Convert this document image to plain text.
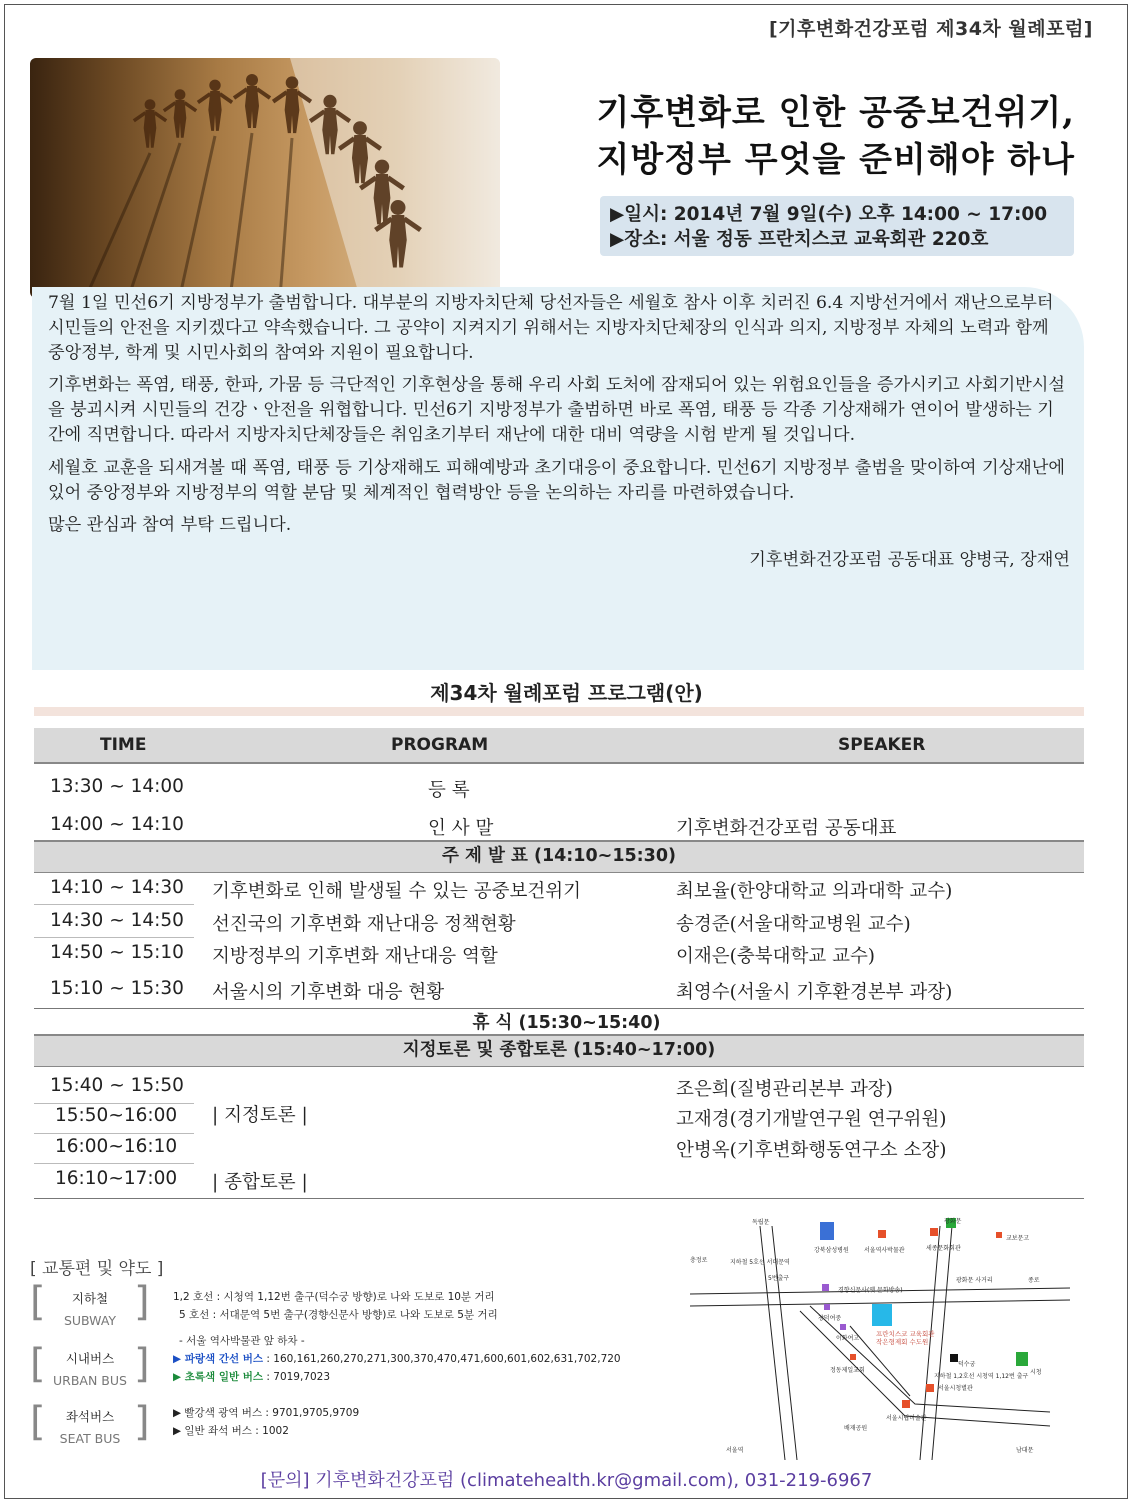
[기후변화건강포럼 제34차 월례포럼]
기후변화로 인한 공중보건위기,
지방정부 무엇을 준비해야 하나
▶일시: 2014년 7월 9일(수) 오후 14:00 ~ 17:00
▶장소: 서울 정동 프란치스코 교육회관 220호

7월 1일 민선6기 지방정부가 출범합니다. 대부분의 지방자치단체 당선자들은 세월호 참사 이후 치러진 6.4 지방선거에서 재난으로부터 시민들의 안전을 지키겠다고 약속했습니다. 그 공약이 지켜지기 위해서는 지방자치단체장의 인식과 의지, 지방정부 자체의 노력과 함께 중앙정부, 학계 및 시민사회의 참여와 지원이 필요합니다.

기후변화는 폭염, 태풍, 한파, 가뭄 등 극단적인 기후현상을 통해 우리 사회 도처에 잠재되어 있는 위험요인들을 증가시키고 사회기반시설을 붕괴시켜 시민들의 건강ㆍ안전을 위협합니다. 민선6기 지방정부가 출범하면 바로 폭염, 태풍 등 각종 기상재해가 연이어 발생하는 기간에 직면합니다. 따라서 지방자치단체장들은 취임초기부터 재난에 대한 대비 역량을 시험 받게 될 것입니다.

세월호 교훈을 되새겨볼 때 폭염, 태풍 등 기상재해도 피해예방과 초기대응이 중요합니다. 민선6기 지방정부 출범을 맞이하여 기상재난에 있어 중앙정부와 지방정부의 역할 분담 및 체계적인 협력방안 등을 논의하는 자리를 마련하였습니다.

많은 관심과 참여 부탁 드립니다.

기후변화건강포럼 공동대표 양병국, 장재연

제34차 월례포럼 프로그램(안)
TIME	PROGRAM	SPEAKER
13:30 ~ 14:00	등 록
14:00 ~ 14:10	인 사 말	기후변화건강포럼 공동대표
주 제 발 표 (14:10~15:30)
14:10 ~ 14:30 기후변화로 인해 발생될 수 있는 공중보건위기	최보율(한양대학교 의과대학 교수)
14:30 ~ 14:50 선진국의 기후변화 재난대응 정책현황	송경준(서울대학교병원 교수)
14:50 ~ 15:10 지방정부의 기후변화 재난대응 역할	이재은(충북대학교 교수)
15:10 ~ 15:30 서울시의 기후변화 대응 현황	최영수(서울시 기후환경본부 과장)
휴 식 (15:30~15:40)
지정토론 및 종합토론 (15:40~17:00)
15:40 ~ 15:50	조은희(질병관리본부 과장)
15:50~16:00 | 지정토론 |	고재경(경기개발연구원 연구위원)
16:00~16:10	안병옥(기후변화행동연구소 소장)
16:10~17:00 | 종합토론 |
[ 교통편 및 약도 ]
[	지하철
SUBWAY ] 1,2 호선 : 시청역 1,12번 출구(덕수궁 방향)로 나와 도보로 10분 거리
5 호선 : 서대문역 5번 출구(경향신문사 방향)로 나와 도보로 5분 거리
[	시내버스
URBAN BUS ]	- 서울 역사박물관 앞 하차 -
▶ 파랑색 간선 버스 : 160,161,260,270,271,300,370,470,471,600,601,602,631,702,720
▶ 초록색 일반 버스 : 7019,7023
[	좌석버스
SEAT BUS ] ▶ 빨강색 광역 버스 : 9701,9705,9709
▶ 일반 좌석 버스 : 1002
독립문	광화문
충정로	지하철 5호선 서대문역
5번출구
강북삼성병원	서울역사박물관	세종문화회관
교보문고
광화문 사거리	종로
경향신문사(옛 문화방송)
프란치스코 교육회관
작은형제회 수도원
창덕여중
이화여고
정동제일교회
덕수궁
지하철 1,2호선 시청역 1,12번 출구
시청
서울시청별관
서울시립미술관
서울역
배재공원
남대문
[문의] 기후변화건강포럼 (climatehealth.kr@gmail.com), 031-219-6967
